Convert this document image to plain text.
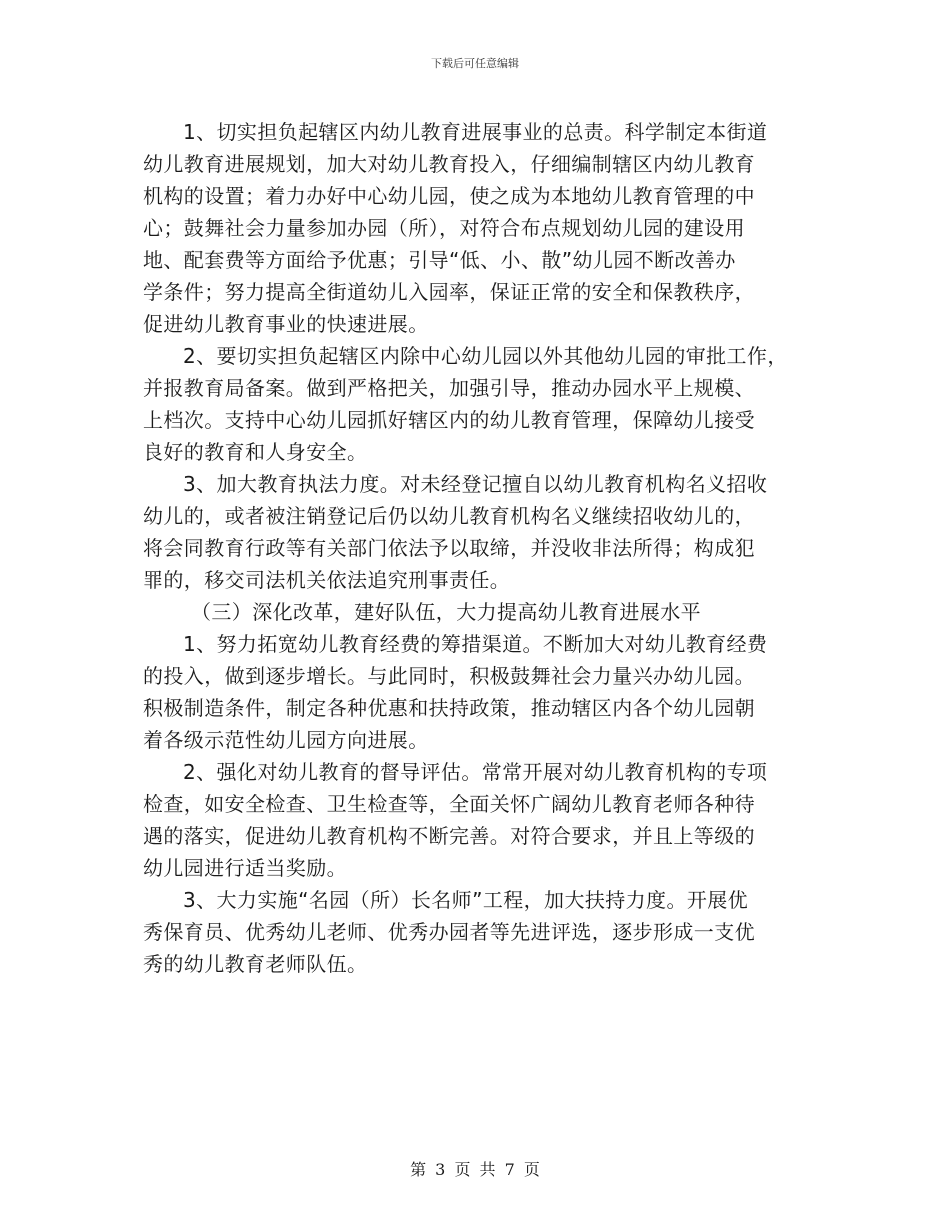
下载后可任意编辑

1、切实担负起辖区内幼儿教育进展事业的总责。科学制定本街道
幼儿教育进展规划，加大对幼儿教育投入，仔细编制辖区内幼儿教育
机构的设置；着力办好中心幼儿园，使之成为本地幼儿教育管理的中
心；鼓舞社会力量参加办园（所），对符合布点规划幼儿园的建设用
地、配套费等方面给予优惠；引导“低、小、散”幼儿园不断改善办
学条件；努力提高全街道幼儿入园率，保证正常的安全和保教秩序，
促进幼儿教育事业的快速进展。

2、要切实担负起辖区内除中心幼儿园以外其他幼儿园的审批工作，
并报教育局备案。做到严格把关，加强引导，推动办园水平上规模、
上档次。支持中心幼儿园抓好辖区内的幼儿教育管理，保障幼儿接受
良好的教育和人身安全。

3、加大教育执法力度。对未经登记擅自以幼儿教育机构名义招收
幼儿的，或者被注销登记后仍以幼儿教育机构名义继续招收幼儿的，
将会同教育行政等有关部门依法予以取缔，并没收非法所得；构成犯
罪的，移交司法机关依法追究刑事责任。

（三）深化改革，建好队伍，大力提高幼儿教育进展水平

1、努力拓宽幼儿教育经费的筹措渠道。不断加大对幼儿教育经费
的投入，做到逐步增长。与此同时，积极鼓舞社会力量兴办幼儿园。
积极制造条件，制定各种优惠和扶持政策，推动辖区内各个幼儿园朝
着各级示范性幼儿园方向进展。

2、强化对幼儿教育的督导评估。常常开展对幼儿教育机构的专项
检查，如安全检查、卫生检查等，全面关怀广阔幼儿教育老师各种待
遇的落实，促进幼儿教育机构不断完善。对符合要求，并且上等级的
幼儿园进行适当奖励。

3、大力实施“名园（所）长名师”工程，加大扶持力度。开展优
秀保育员、优秀幼儿老师、优秀办园者等先进评选，逐步形成一支优
秀的幼儿教育老师队伍。

第 3 页 共 7 页
